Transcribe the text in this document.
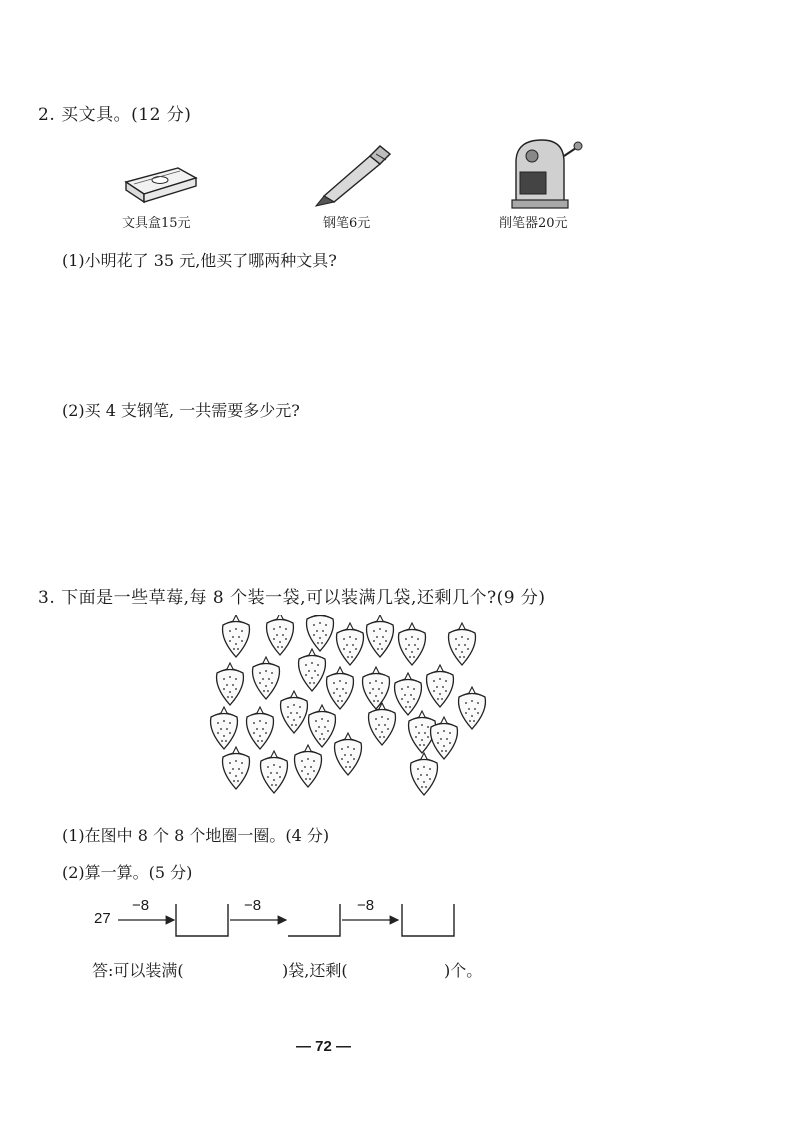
2. 买文具。(12 分)
文具盒15元	钢笔6元	削笔器20元
(1)小明花了 35 元,他买了哪两种文具?
(2)买 4 支钢笔, 一共需要多少元?
3. 下面是一些草莓,每 8 个装一袋,可以装满几袋,还剩几个?(9 分)
(1)在图中 8 个 8 个地圈一圈。(4 分)
(2)算一算。(5 分)
27
−8	−8	−8
答:可以装满(	)袋,还剩(	)个。
— 72 —
